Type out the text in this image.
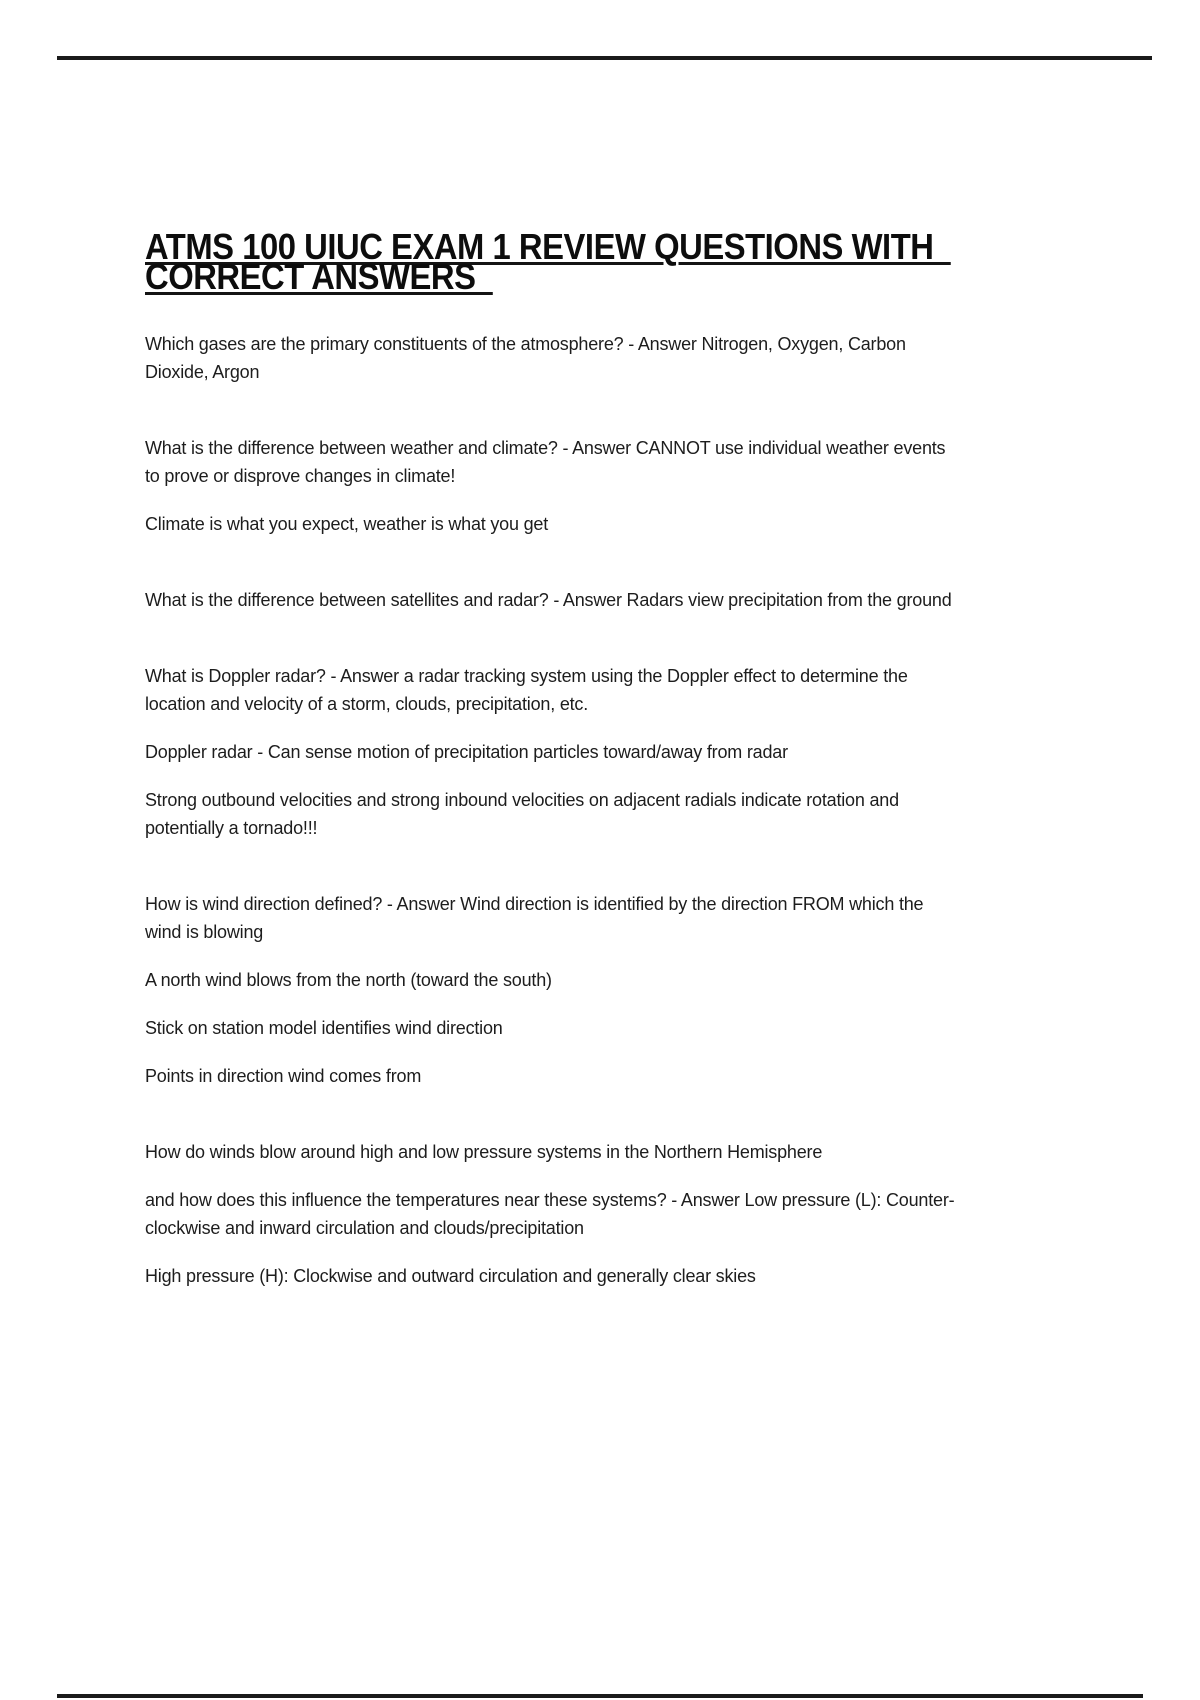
ATMS 100 UIUC EXAM 1 REVIEW QUESTIONS WITH
CORRECT ANSWERS

Which gases are the primary constituents of the atmosphere? - Answer Nitrogen, Oxygen, Carbon
Dioxide, Argon

What is the difference between weather and climate? - Answer CANNOT use individual weather events
to prove or disprove changes in climate!

Climate is what you expect, weather is what you get

What is the difference between satellites and radar? - Answer Radars view precipitation from the ground

What is Doppler radar? - Answer a radar tracking system using the Doppler effect to determine the
location and velocity of a storm, clouds, precipitation, etc.

Doppler radar - Can sense motion of precipitation particles toward/away from radar

Strong outbound velocities and strong inbound velocities on adjacent radials indicate rotation and
potentially a tornado!!!

How is wind direction defined? - Answer Wind direction is identified by the direction FROM which the
wind is blowing

A north wind blows from the north (toward the south)

Stick on station model identifies wind direction

Points in direction wind comes from

How do winds blow around high and low pressure systems in the Northern Hemisphere

and how does this influence the temperatures near these systems? - Answer Low pressure (L): Counter-
clockwise and inward circulation and clouds/precipitation

High pressure (H): Clockwise and outward circulation and generally clear skies
